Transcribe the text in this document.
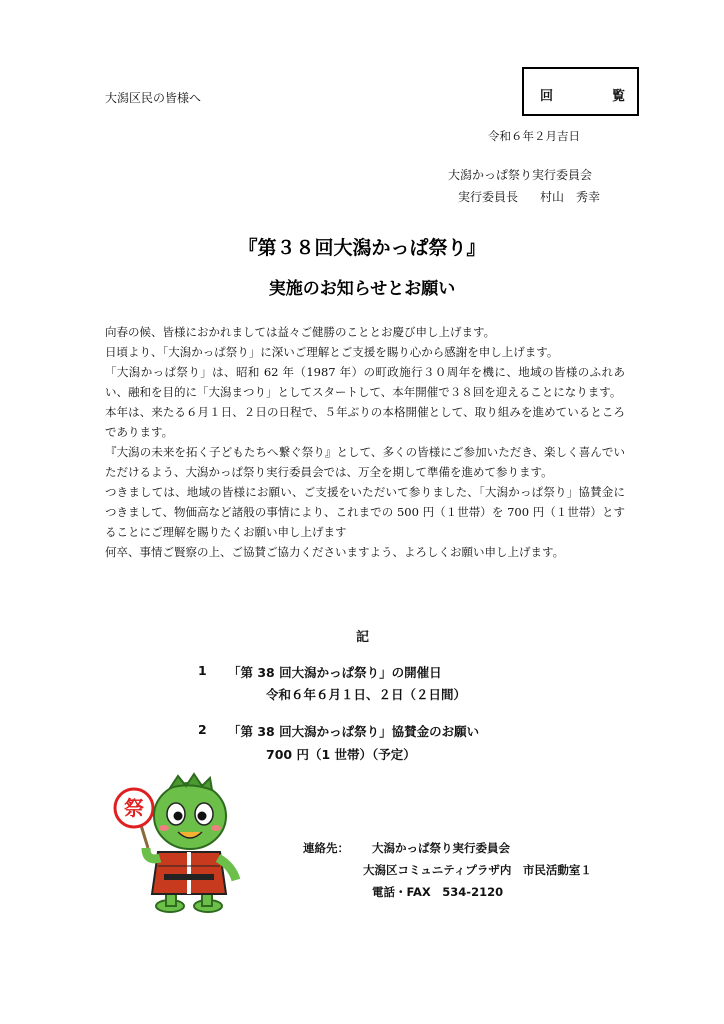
大潟区民の皆様へ	回	覧
令和６年２月吉日
大潟かっぱ祭り実行委員会
実行委員長 村山　秀幸
『第３８回大潟かっぱ祭り』
実施のお知らせとお願い

向春の候、皆様におかれましては益々ご健勝のこととお慶び申し上げます。

日頃より、「大潟かっぱ祭り」に深いご理解とご支援を賜り心から感謝を申し上げます。

「大潟かっぱ祭り」は、昭和 62 年（1987 年）の町政施行３０周年を機に、地域の皆様のふれあい、融和を目的に「大潟まつり」としてスタートして、本年開催で３８回を迎えることになります。

本年は、来たる６月１日、２日の日程で、５年ぶりの本格開催として、取り組みを進めているところであります。

『大潟の未来を拓く子どもたちへ繋ぐ祭り』として、多くの皆様にご参加いただき、楽しく喜んでいただけるよう、大潟かっぱ祭り実行委員会では、万全を期して準備を進めて参ります。

つきましては、地域の皆様にお願い、ご支援をいただいて参りました、「大潟かっぱ祭り」協賛金につきまして、物価高など諸般の事情により、これまでの 500 円（１世帯）を 700 円（１世帯）とすることにご理解を賜りたくお願い申し上げます

何卒、事情ご賢察の上、ご協賛ご協力くださいますよう、よろしくお願い申し上げます。

記
1 「第 38 回大潟かっぱ祭り」の開催日
令和６年６月１日、２日（２日間）
2 「第 38 回大潟かっぱ祭り」協賛金のお願い
700 円（1 世帯）（予定）
祭
連絡先： 大潟かっぱ祭り実行委員会
大潟区コミュニティプラザ内　市民活動室１
電話・FAX　534-2120
